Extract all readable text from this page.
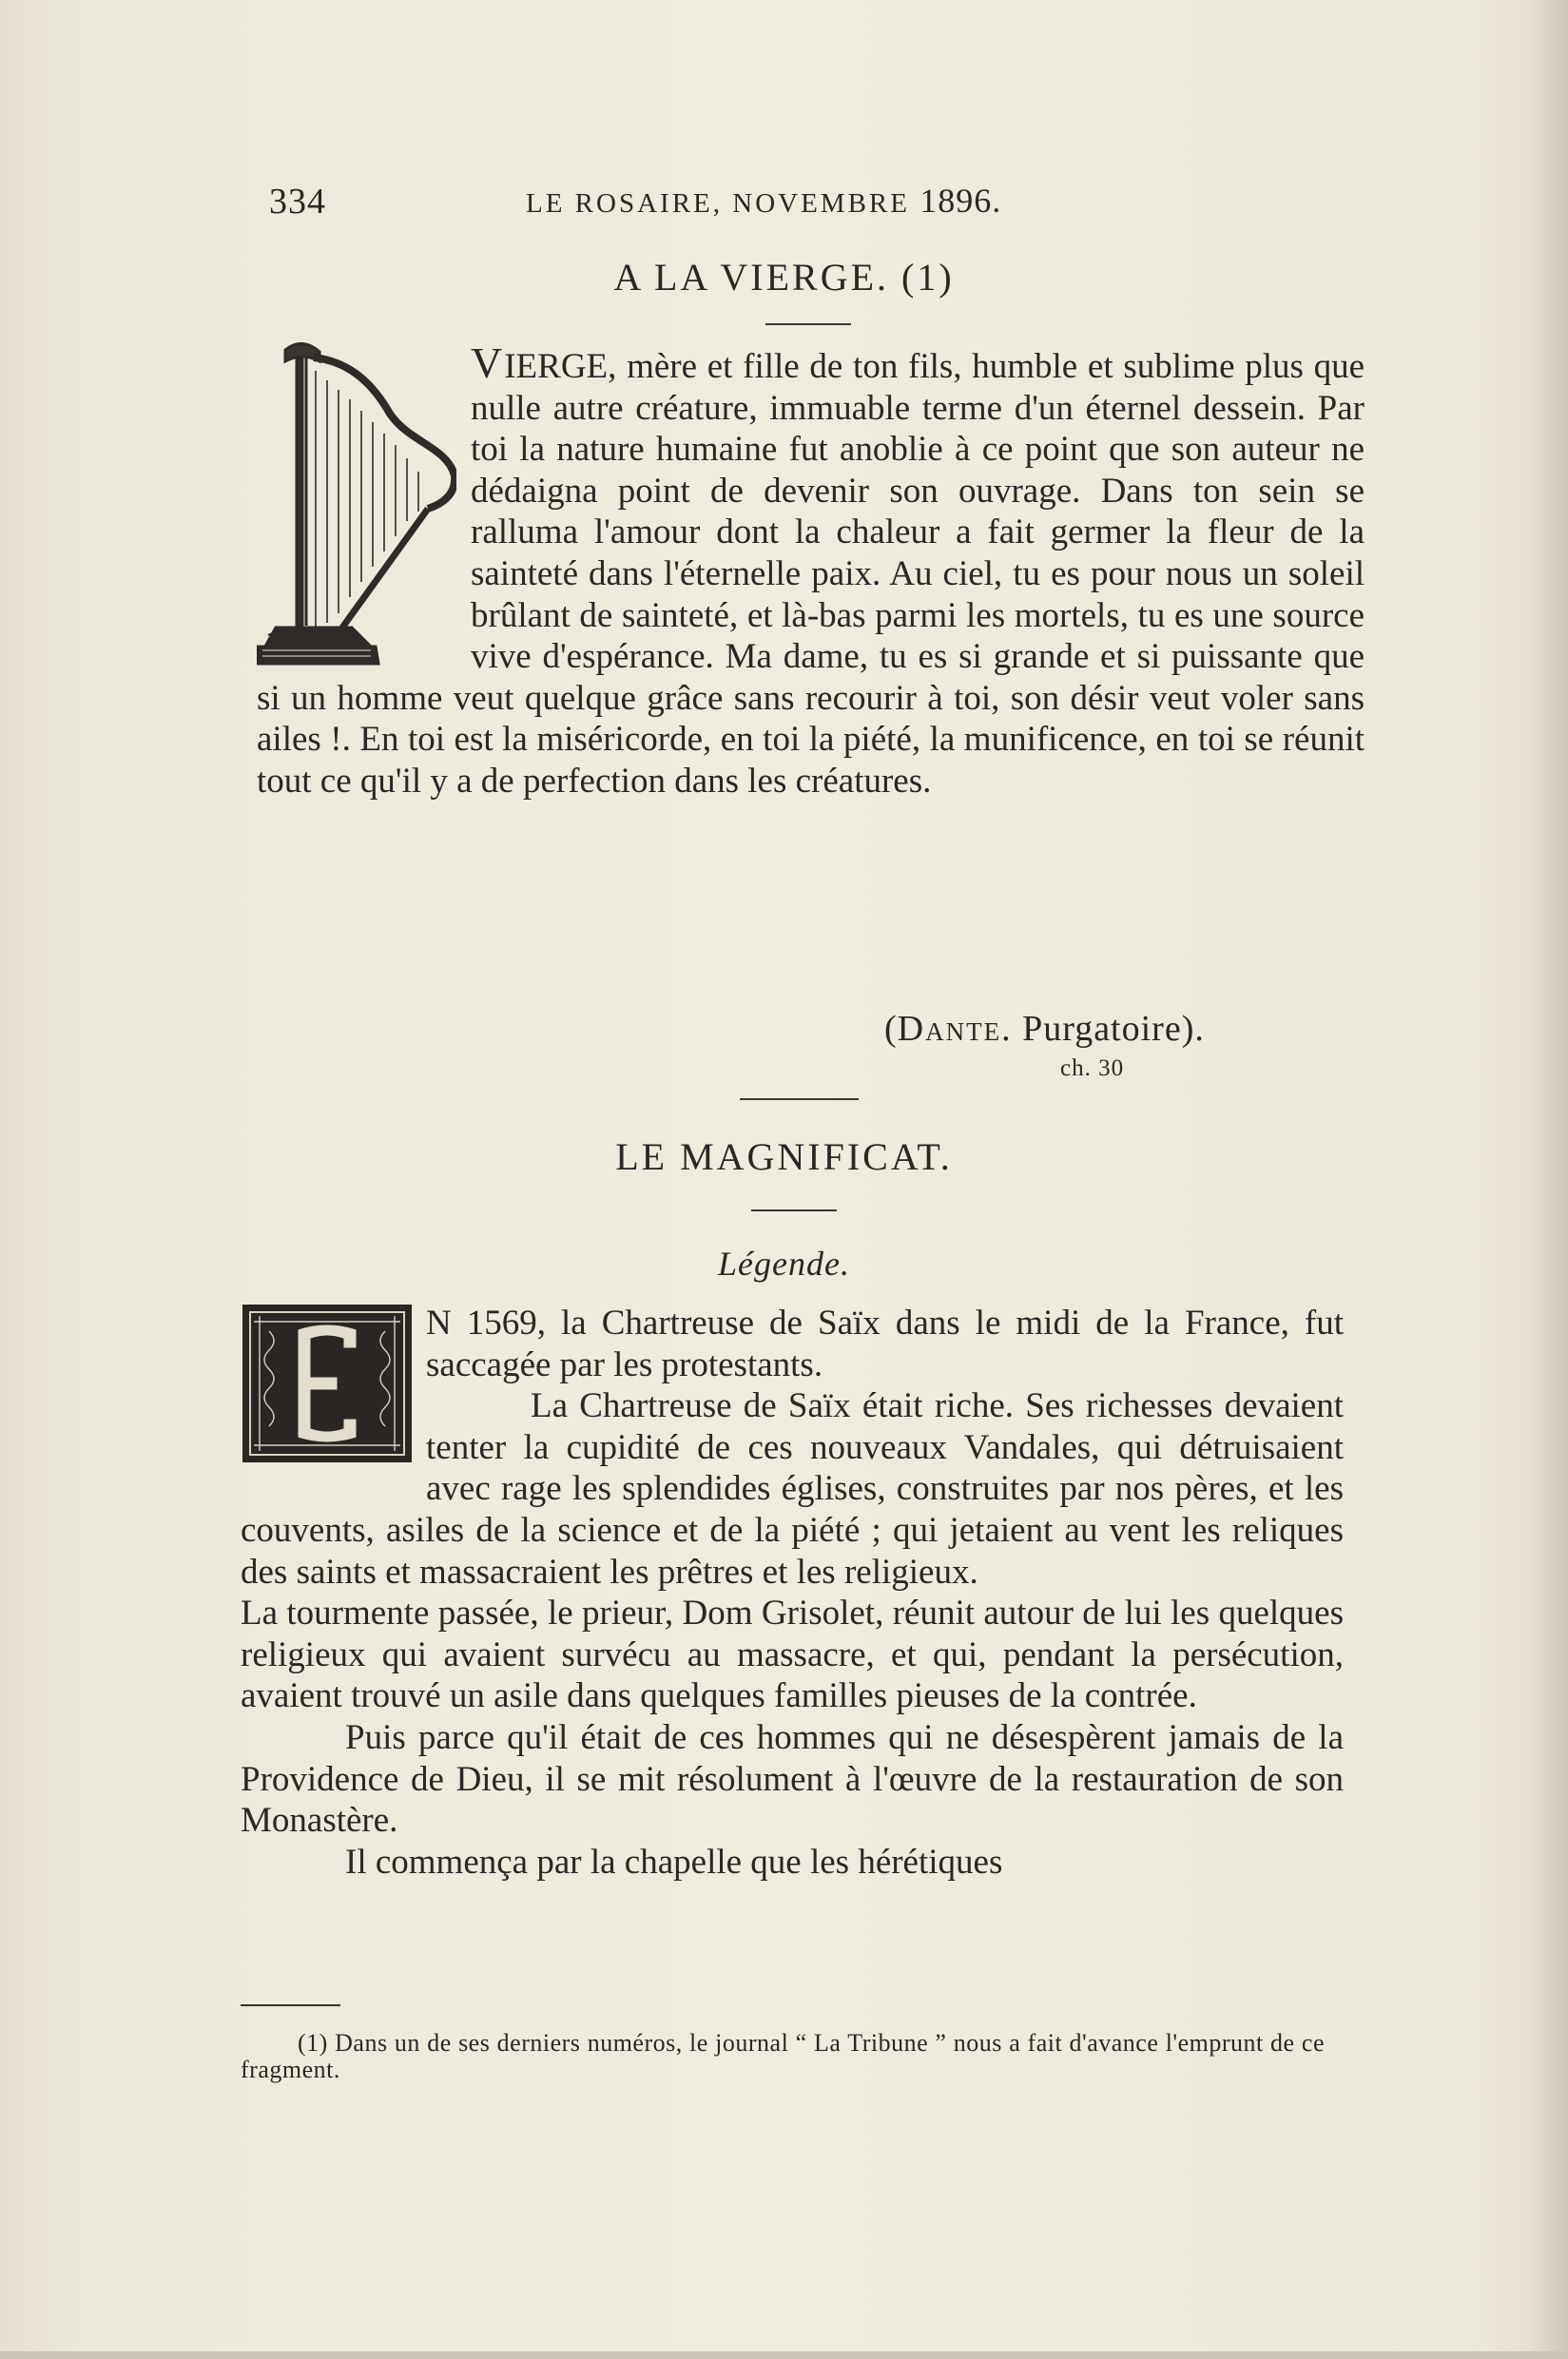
334	LE ROSAIRE, NOVEMBRE 1896.
A LA VIERGE. (1)

VIERGE, mère et fille de ton fils, humble et sublime plus que nulle autre créature, immuable terme d'un éternel dessein. Par toi la nature humaine fut anoblie à ce point que son auteur ne dédaigna point de devenir son ouvrage. Dans ton sein se ralluma l'amour dont la chaleur a fait germer la fleur de la sainteté dans l'éternelle paix. Au ciel, tu es pour nous un soleil brûlant de sainteté, et là-bas parmi les mortels, tu es une source vive d'espérance. Ma dame, tu es si grande et si puissante que si un homme veut quelque grâce sans recourir à toi, son désir veut voler sans ailes !. En toi est la miséricorde, en toi la piété, la munificence, en toi se réunit tout ce qu'il y a de perfection dans les créatures.

(Dante. Purgatoire).
ch. 30
LE MAGNIFICAT.
Légende.

N 1569, la Chartreuse de Saïx dans le midi de la France, fut saccagée par les protestants.

La Chartreuse de Saïx était riche. Ses richesses devaient tenter la cupidité de ces nouveaux Vandales, qui détruisaient avec rage les splendides églises, construites par nos pères, et les couvents, asiles de la science et de la piété ; qui jetaient au vent les reliques des saints et massacraient les prêtres et les religieux.

La tourmente passée, le prieur, Dom Grisolet, réunit autour de lui les quelques religieux qui avaient survécu au massacre, et qui, pendant la persécution, avaient trouvé un asile dans quelques familles pieuses de la contrée.

Puis parce qu'il était de ces hommes qui ne désespèrent jamais de la Providence de Dieu, il se mit résolument à l'œuvre de la restauration de son Monastère.

Il commença par la chapelle que les hérétiques

(1) Dans un de ses derniers numéros, le journal “ La Tribune ” nous a fait d'avance l'emprunt de ce fragment.
